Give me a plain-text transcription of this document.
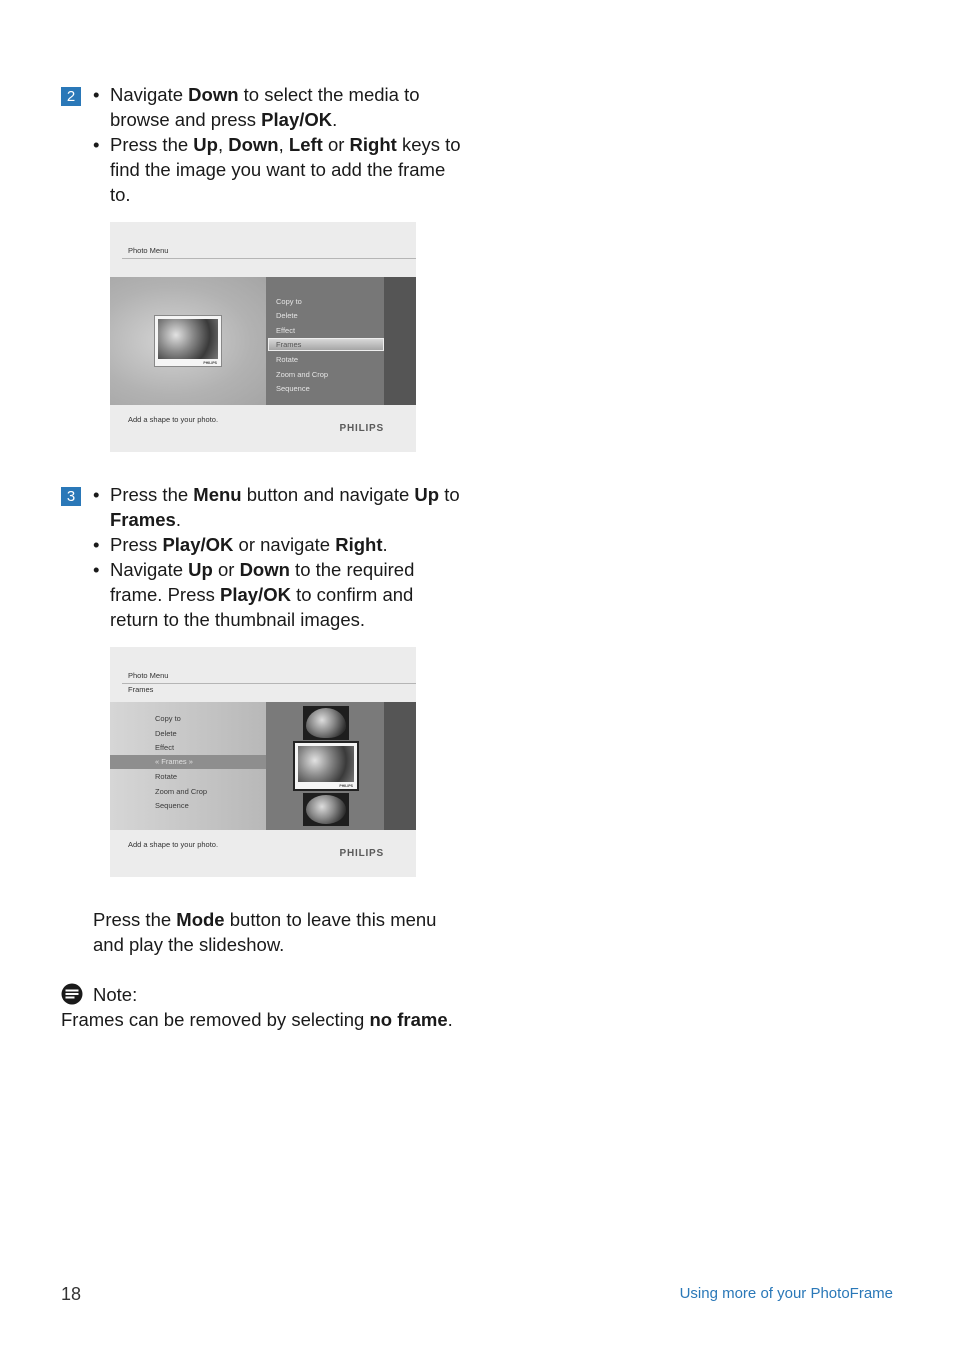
2	• Navigate Down to select the media to browse and press Play/OK.
• Press the Up, Down, Left or Right keys to find the image you want to add the frame to.
Photo Menu
PHILIPS
Copy to
Delete
Effect
Frames
Rotate
Zoom and Crop
Sequence
Add a shape to your photo.
PHILIPS
3	• Press the Menu button and navigate Up to Frames.
• Press Play/OK or navigate Right.
• Navigate Up or Down to the required frame. Press Play/OK to confirm and return to the thumbnail images.
Photo Menu
Frames
Copy to
Delete
Effect
« Frames »
Rotate
Zoom and Crop
Sequence
PHILIPS
Add a shape to your photo.
PHILIPS
Press the Mode button to leave this menu and play the slideshow.
Note:
Frames can be removed by selecting no frame.
18	Using more of your PhotoFrame
